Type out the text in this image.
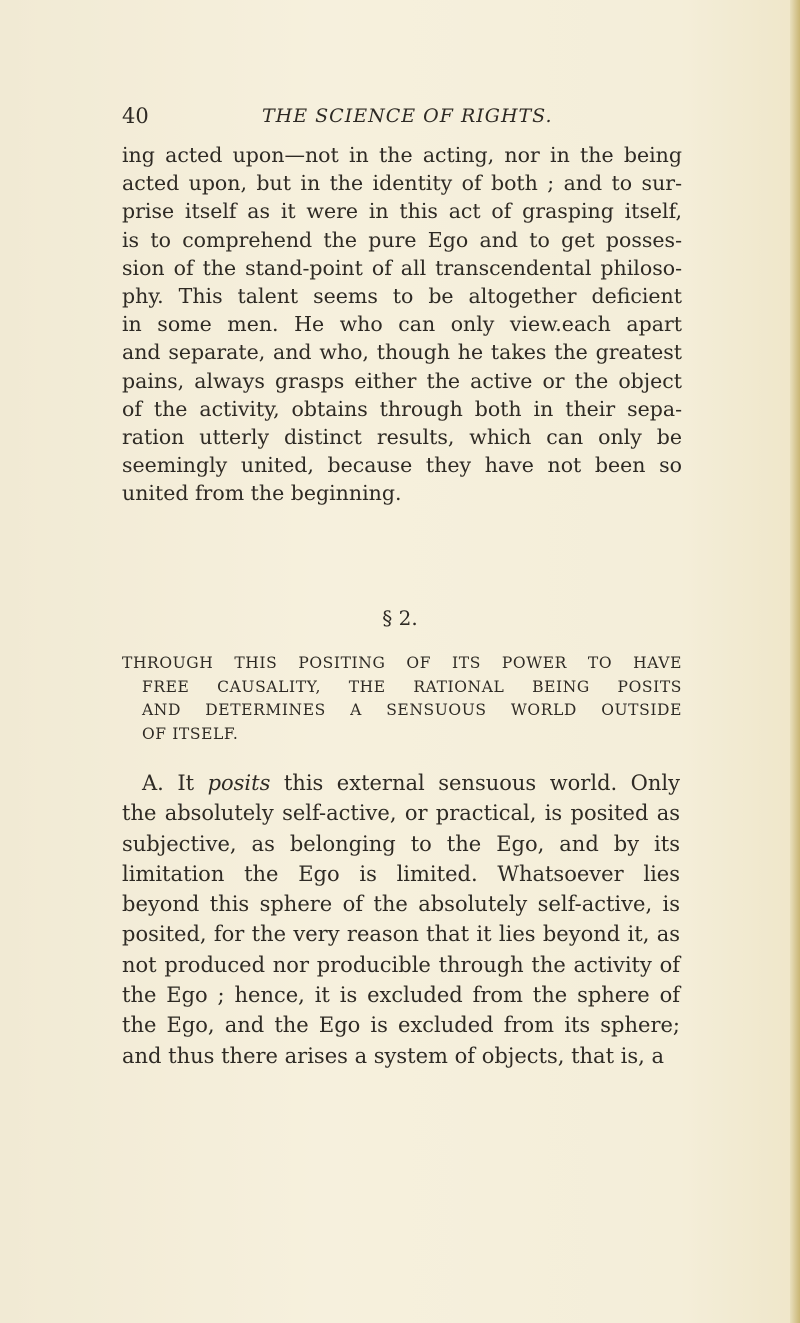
40	THE SCIENCE OF RIGHTS.
ing acted upon—not in the acting, nor in the being
acted upon, but in the identity of both ; and to sur-
prise itself as it were in this act of grasping itself,
is to comprehend the pure Ego and to get posses-
sion of the stand-point of all transcendental philoso-
phy. This talent seems to be altogether deficient
in some men. He who can only view.each apart
and separate, and who, though he takes the greatest
pains, always grasps either the active or the object
of the activity, obtains through both in their sepa-
ration utterly distinct results, which can only be
seemingly united, because they have not been so
united from the beginning.
§ 2.
THROUGH THIS POSITING OF ITS POWER TO HAVE
FREE CAUSALITY, THE RATIONAL BEING POSITS
AND DETERMINES A SENSUOUS WORLD OUTSIDE
OF ITSELF.
A. It posits this external sensuous world. Only
the absolutely self-active, or practical, is posited as
subjective, as belonging to the Ego, and by its
limitation the Ego is limited. Whatsoever lies
beyond this sphere of the absolutely self-active, is
posited, for the very reason that it lies beyond it, as
not produced nor producible through the activity of
the Ego ; hence, it is excluded from the sphere of
the Ego, and the Ego is excluded from its sphere;
and thus there arises a system of objects, that is, a
